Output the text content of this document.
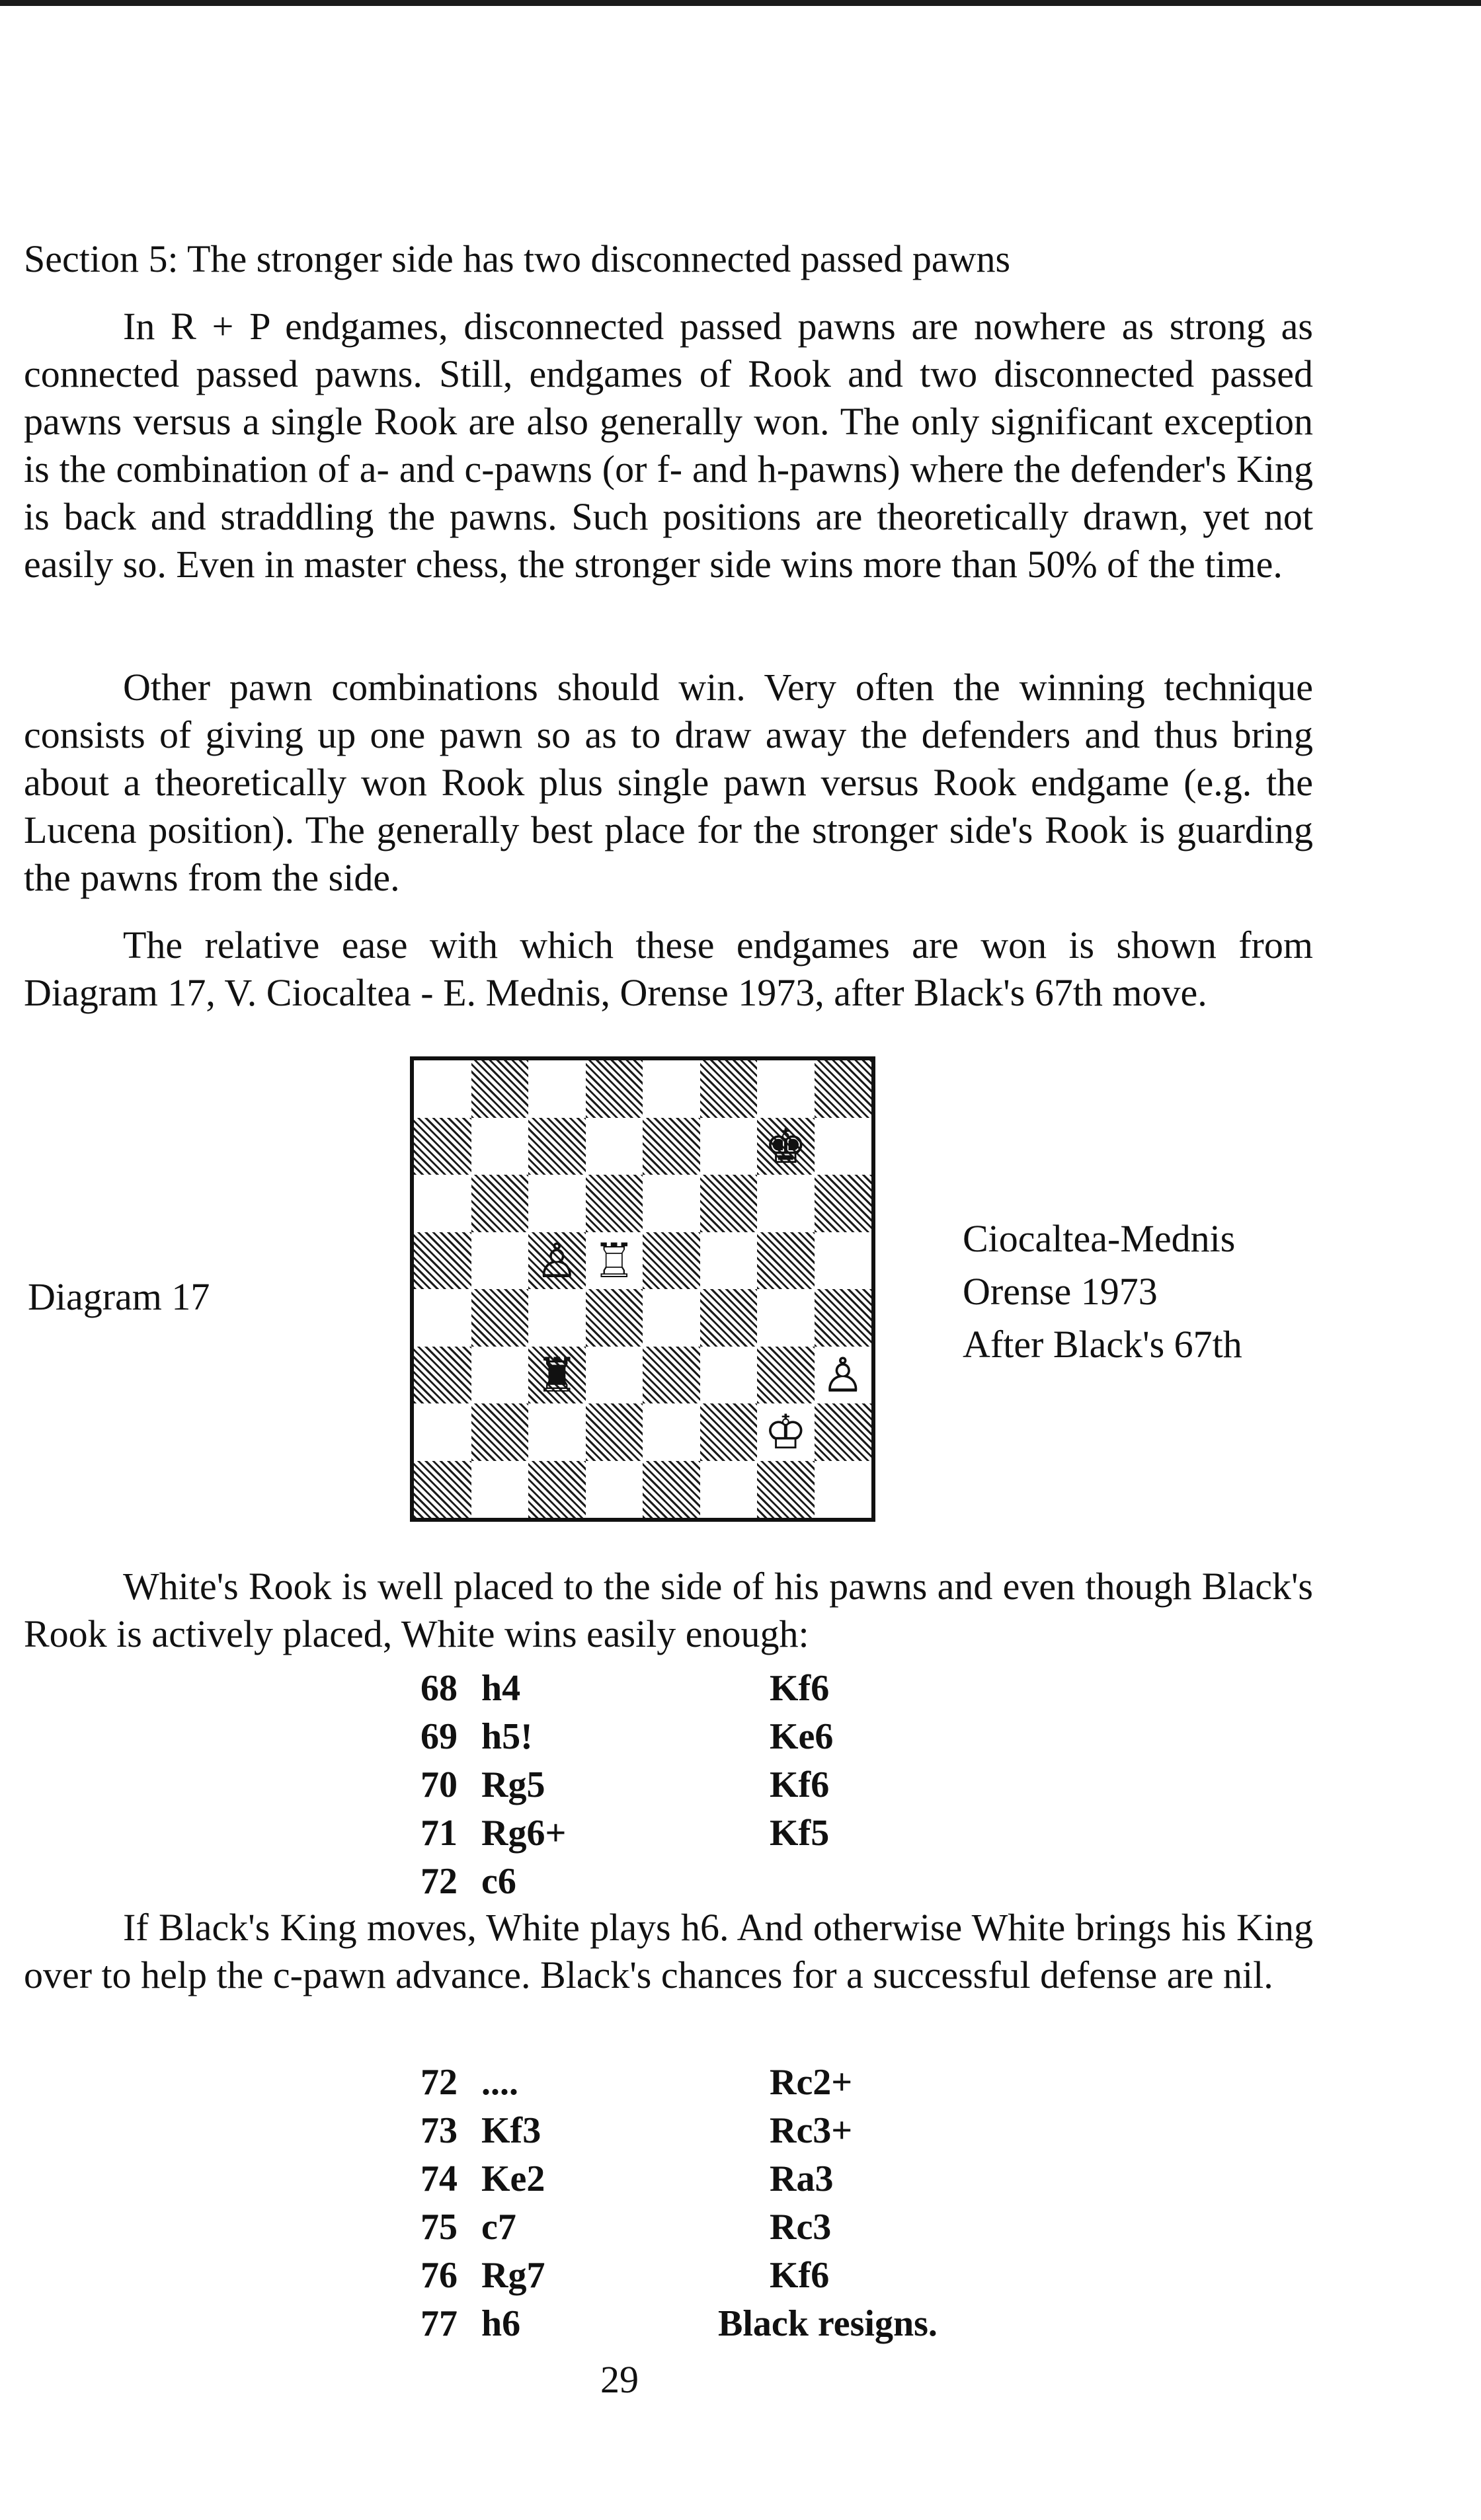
Section 5: The stronger side has two disconnected passed pawns

In R + P endgames, disconnected passed pawns are nowhere as strong as connected passed pawns. Still, endgames of Rook and two disconnected passed pawns versus a single Rook are also generally won. The only significant exception is the combination of a- and c-pawns (or f- and h-pawns) where the defender's King is back and straddling the pawns. Such positions are theoretically drawn, yet not easily so. Even in master chess, the stronger side wins more than 50% of the time.

Other pawn combinations should win. Very often the winning technique consists of giving up one pawn so as to draw away the defenders and thus bring about a theoretically won Rook plus single pawn versus Rook endgame (e.g. the Lucena position). The generally best place for the stronger side's Rook is guarding the pawns from the side.

The relative ease with which these endgames are won is shown from Diagram 17, V. Ciocaltea - E. Mednis, Orense 1973, after Black's 67th move.

Diagram 17
♚
♙ ♖
♜	♙
♔
Ciocaltea-Mednis
Orense 1973
After Black's 67th

White's Rook is well placed to the side of his pawns and even though Black's Rook is actively placed, White wins easily enough:

68 h4	Kf6
69 h5!	Ke6
70 Rg5	Kf6
71 Rg6+	Kf5
72 c6

If Black's King moves, White plays h6. And otherwise White brings his King over to help the c-pawn advance. Black's chances for a successful defense are nil.

72 ....	Rc2+
73 Kf3	Rc3+
74 Ke2	Ra3
75 c7	Rc3
76 Rg7	Kf6
77 h6	Black resigns.
29
